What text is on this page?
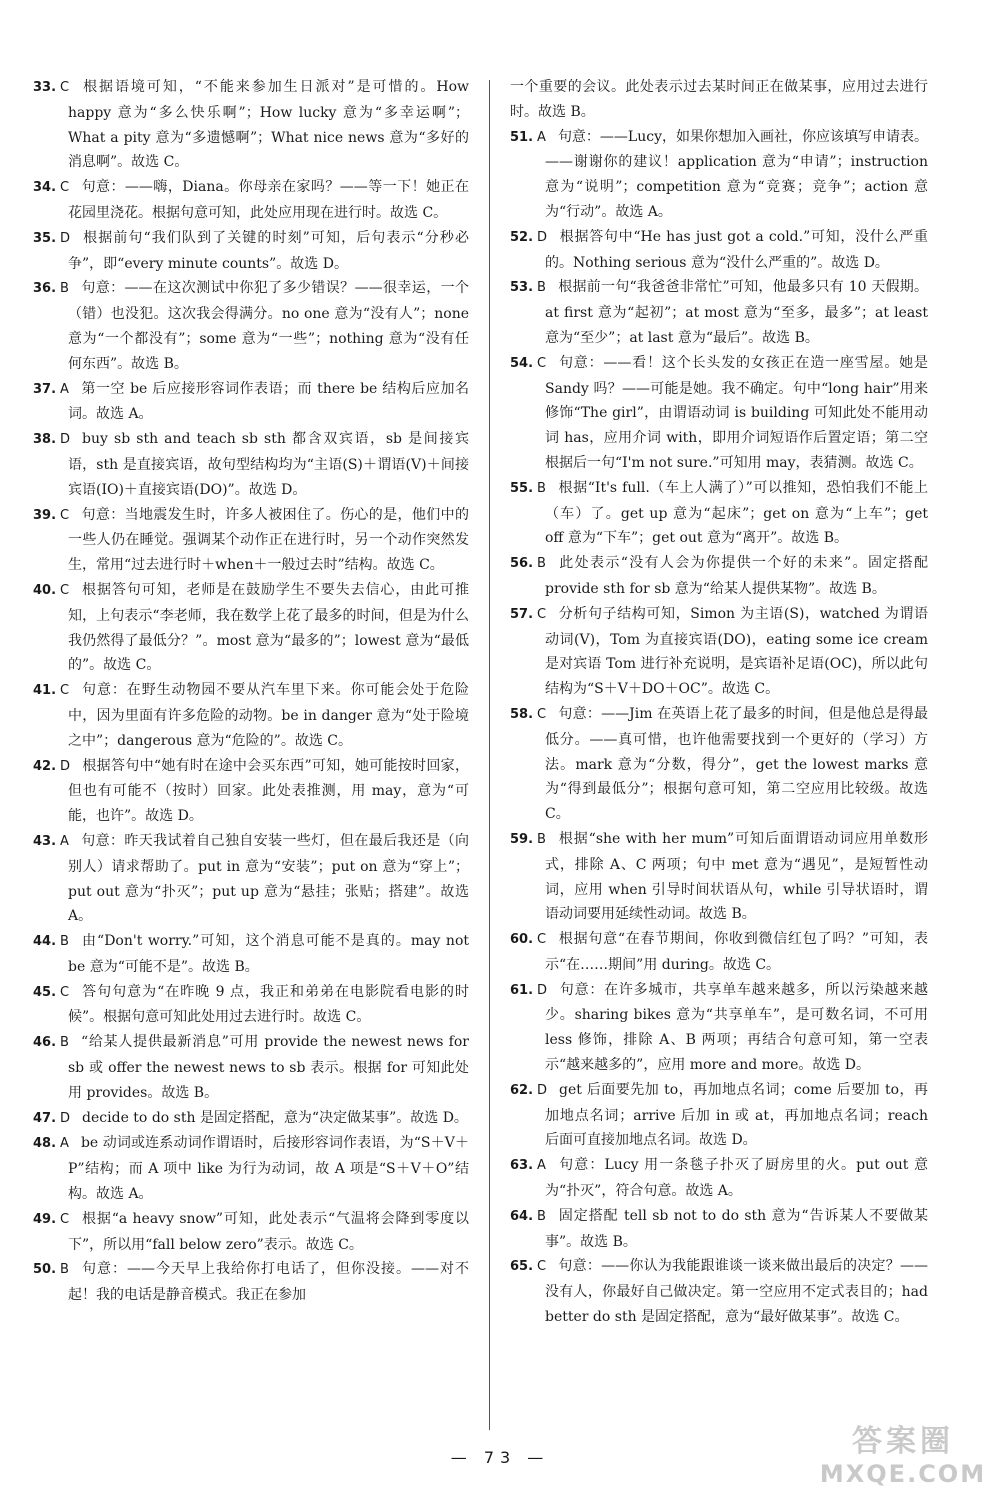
33. C 根据语境可知，“不能来参加生日派对”是可惜的。How happy 意为“多么快乐啊”；How lucky 意为“多幸运啊”；What a pity 意为“多遗憾啊”；What nice news 意为“多好的消息啊”。故选 C。

34. C 句意：——嗨，Diana。你母亲在家吗？——等一下！她正在花园里浇花。根据句意可知，此处应用现在进行时。故选 C。

35. D 根据前句“我们队到了关键的时刻”可知，后句表示“分秒必争”，即“every minute counts”。故选 D。

36. B 句意：——在这次测试中你犯了多少错误？——很幸运，一个（错）也没犯。这次我会得满分。no one 意为“没有人”；none 意为“一个都没有”；some 意为“一些”；nothing 意为“没有任何东西”。故选 B。

37. A 第一空 be 后应接形容词作表语；而 there be 结构后应加名词。故选 A。

38. D buy sb sth and teach sb sth 都含双宾语，sb 是间接宾语，sth 是直接宾语，故句型结构均为“主语(S)＋谓语(V)＋间接宾语(IO)＋直接宾语(DO)”。故选 D。

39. C 句意：当地震发生时，许多人被困住了。伤心的是，他们中的一些人仍在睡觉。强调某个动作正在进行时，另一个动作突然发生，常用“过去进行时＋when＋一般过去时”结构。故选 C。

40. C 根据答句可知，老师是在鼓励学生不要失去信心，由此可推知，上句表示“李老师，我在数学上花了最多的时间，但是为什么我仍然得了最低分？”。most 意为“最多的”；lowest 意为“最低的”。故选 C。

41. C 句意：在野生动物园不要从汽车里下来。你可能会处于危险中，因为里面有许多危险的动物。be in danger 意为“处于险境之中”；dangerous 意为“危险的”。故选 C。

42. D 根据答句中“她有时在途中会买东西”可知，她可能按时回家，但也有可能不（按时）回家。此处表推测，用 may，意为“可能，也许”。故选 D。

43. A 句意：昨天我试着自己独自安装一些灯，但在最后我还是（向别人）请求帮助了。put in 意为“安装”；put on 意为“穿上”；put out 意为“扑灭”；put up 意为“悬挂；张贴；搭建”。故选 A。

44. B 由“Don't worry.”可知，这个消息可能不是真的。may not be 意为“可能不是”。故选 B。

45. C 答句句意为“在昨晚 9 点，我正和弟弟在电影院看电影的时候”。根据句意可知此处用过去进行时。故选 C。

46. B “给某人提供最新消息”可用 provide the newest news for sb 或 offer the newest news to sb 表示。根据 for 可知此处用 provides。故选 B。

47. D decide to do sth 是固定搭配，意为“决定做某事”。故选 D。

48. A be 动词或连系动词作谓语时，后接形容词作表语，为“S＋V＋P”结构；而 A 项中 like 为行为动词，故 A 项是“S＋V＋O”结构。故选 A。

49. C 根据“a heavy snow”可知，此处表示“气温将会降到零度以下”，所以用“fall below zero”表示。故选 C。

50. B 句意：——今天早上我给你打电话了，但你没接。——对不起！我的电话是静音模式。我正在参加

一个重要的会议。此处表示过去某时间正在做某事，应用过去进行时。故选 B。

51. A 句意：——Lucy，如果你想加入画社，你应该填写申请表。——谢谢你的建议！application 意为“申请”；instruction 意为“说明”；competition 意为“竞赛；竞争”；action 意为“行动”。故选 A。

52. D 根据答句中“He has just got a cold.”可知，没什么严重的。Nothing serious 意为“没什么严重的”。故选 D。

53. B 根据前一句“我爸爸非常忙”可知，他最多只有 10 天假期。at first 意为“起初”；at most 意为“至多，最多”；at least 意为“至少”；at last 意为“最后”。故选 B。

54. C 句意：——看！这个长头发的女孩正在造一座雪屋。她是 Sandy 吗？——可能是她。我不确定。句中“long hair”用来修饰“The girl”，由谓语动词 is building 可知此处不能用动词 has，应用介词 with，即用介词短语作后置定语；第二空根据后一句“I'm not sure.”可知用 may，表猜测。故选 C。

55. B 根据“It's full.（车上人满了）”可以推知，恐怕我们不能上（车）了。get up 意为“起床”；get on 意为“上车”；get off 意为“下车”；get out 意为“离开”。故选 B。

56. B 此处表示“没有人会为你提供一个好的未来”。固定搭配 provide sth for sb 意为“给某人提供某物”。故选 B。

57. C 分析句子结构可知，Simon 为主语(S)，watched 为谓语动词(V)，Tom 为直接宾语(DO)，eating some ice cream 是对宾语 Tom 进行补充说明，是宾语补足语(OC)，所以此句结构为“S＋V＋DO＋OC”。故选 C。

58. C 句意：——Jim 在英语上花了最多的时间，但是他总是得最低分。——真可惜，也许他需要找到一个更好的（学习）方法。mark 意为“分数，得分”，get the lowest marks 意为“得到最低分”；根据句意可知，第二空应用比较级。故选 C。

59. B 根据“she with her mum”可知后面谓语动词应用单数形式，排除 A、C 两项；句中 met 意为“遇见”，是短暂性动词，应用 when 引导时间状语从句，while 引导状语时，谓语动词要用延续性动词。故选 B。

60. C 根据句意“在春节期间，你收到微信红包了吗？”可知，表示“在……期间”用 during。故选 C。

61. D 句意：在许多城市，共享单车越来越多，所以污染越来越少。sharing bikes 意为“共享单车”，是可数名词，不可用 less 修饰，排除 A、B 两项；再结合句意可知，第一空表示“越来越多的”，应用 more and more。故选 D。

62. D get 后面要先加 to，再加地点名词；come 后要加 to，再加地点名词；arrive 后加 in 或 at，再加地点名词；reach 后面可直接加地点名词。故选 D。

63. A 句意：Lucy 用一条毯子扑灭了厨房里的火。put out 意为“扑灭”，符合句意。故选 A。

64. B 固定搭配 tell sb not to do sth 意为“告诉某人不要做某事”。故选 B。

65. C 句意：——你认为我能跟谁谈一谈来做出最后的决定？——没有人，你最好自己做决定。第一空应用不定式表目的；had better do sth 是固定搭配，意为“最好做某事”。故选 C。

— 73 —	答案圈
MXQE.COM
